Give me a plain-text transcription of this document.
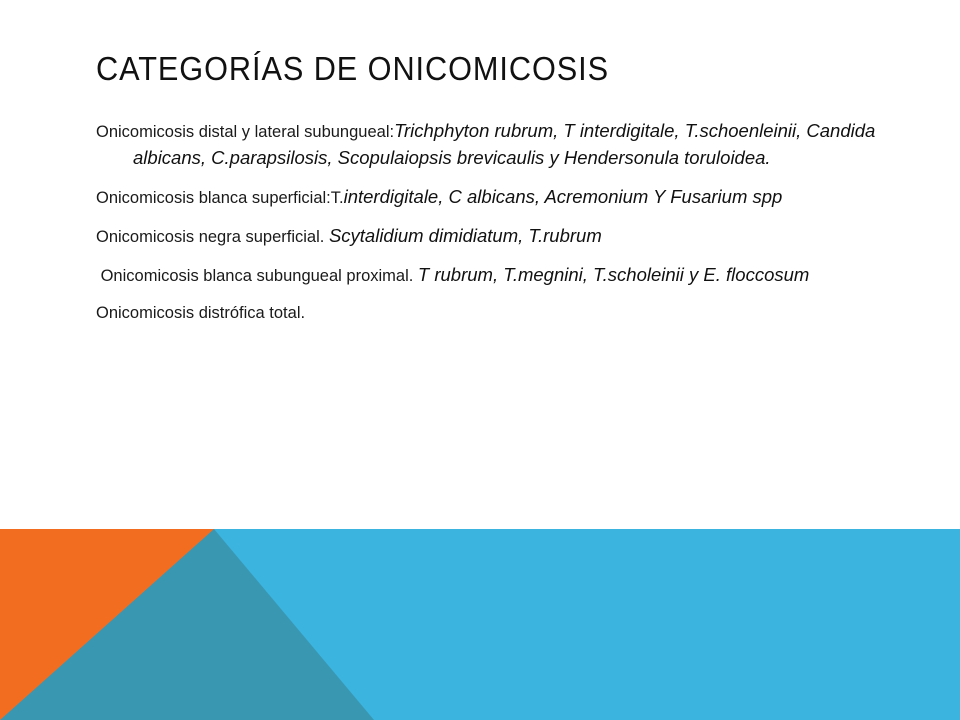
CATEGORÍAS DE ONICOMICOSIS

Onicomicosis distal y lateral subungueal:Trichphyton rubrum, T interdigitale, T.schoenleinii, Candida albicans, C.parapsilosis, Scopulaiopsis brevicaulis y Hendersonula toruloidea.

Onicomicosis blanca superficial:T.interdigitale, C albicans, Acremonium Y Fusarium spp

Onicomicosis negra superficial. Scytalidium dimidiatum, T.rubrum

Onicomicosis blanca subungueal proximal. T rubrum, T.megnini, T.scholeinii y E. floccosum

Onicomicosis distrófica total.
